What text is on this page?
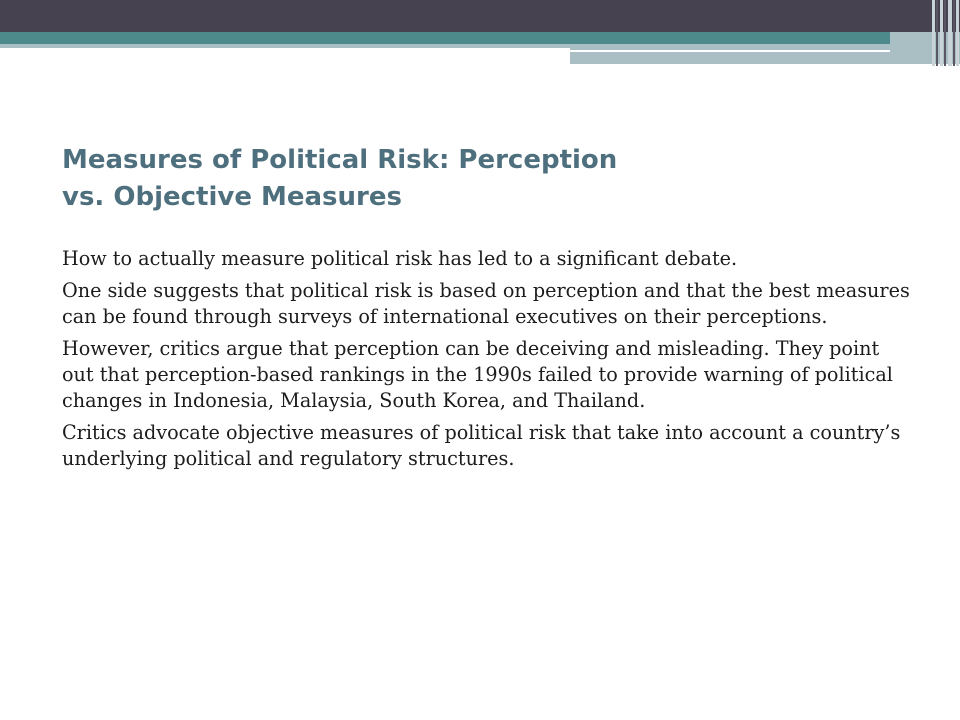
Measures of Political Risk: Perception
vs. Objective Measures

How to actually measure political risk has led to a significant debate.

One side suggests that political risk is based on perception and that the best measures can be found through surveys of international executives on their perceptions.

However, critics argue that perception can be deceiving and misleading. They point out that perception-based rankings in the 1990s failed to provide warning of political changes in Indonesia, Malaysia, South Korea, and Thailand.

Critics advocate objective measures of political risk that take into account a country’s underlying political and regulatory structures.
